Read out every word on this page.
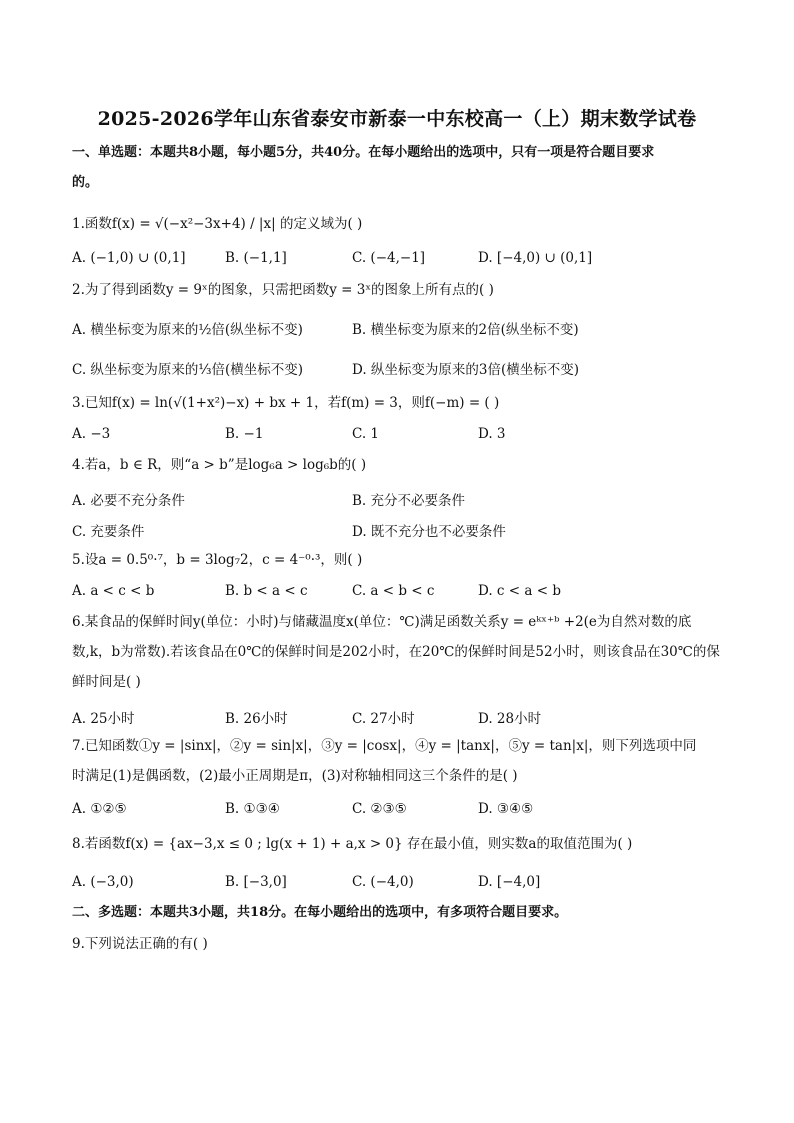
2025-2026学年山东省泰安市新泰一中东校高一（上）期末数学试卷
一、单选题：本题共8小题，每小题5分，共40分。在每小题给出的选项中，只有一项是符合题目要求
的。
1.函数f(x) = √(−x²−3x+4) / |x| 的定义域为( )
A. (−1,0) ∪ (0,1]	B. (−1,1]	C. (−4,−1]	D. [−4,0) ∪ (0,1]
2.为了得到函数y = 9ˣ的图象，只需把函数y = 3ˣ的图象上所有点的( )
A. 横坐标变为原来的½倍(纵坐标不变)	B. 横坐标变为原来的2倍(纵坐标不变)
C. 纵坐标变为原来的⅓倍(横坐标不变)	D. 纵坐标变为原来的3倍(横坐标不变)
3.已知f(x) = ln(√(1+x²)−x) + bx + 1，若f(m) = 3，则f(−m) = ( )
A. −3	B. −1	C. 1	D. 3
4.若a，b ∈ R，则“a > b”是log₆a > log₆b的( )
A. 必要不充分条件	B. 充分不必要条件
C. 充要条件	D. 既不充分也不必要条件
5.设a = 0.5⁰·⁷，b = 3log₇2，c = 4⁻⁰·³，则( )
A. a < c < b	B. b < a < c	C. a < b < c	D. c < a < b
6.某食品的保鲜时间y(单位：小时)与储藏温度x(单位：℃)满足函数关系y = eᵏˣ⁺ᵇ +2(e为自然对数的底
数,k，b为常数).若该食品在0℃的保鲜时间是202小时，在20℃的保鲜时间是52小时，则该食品在30℃的保
鲜时间是( )
A. 25小时	B. 26小时	C. 27小时	D. 28小时
7.已知函数①y = |sinx|，②y = sin|x|，③y = |cosx|，④y = |tanx|，⑤y = tan|x|，则下列选项中同
时满足(1)是偶函数，(2)最小正周期是π，(3)对称轴相同这三个条件的是( )
A. ①②⑤	B. ①③④	C. ②③⑤	D. ③④⑤
8.若函数f(x) = {ax−3,x ≤ 0 ; lg(x + 1) + a,x > 0} 存在最小值，则实数a的取值范围为( )
A. (−3,0)	B. [−3,0]	C. (−4,0)	D. [−4,0]
二、多选题：本题共3小题，共18分。在每小题给出的选项中，有多项符合题目要求。
9.下列说法正确的有( )
